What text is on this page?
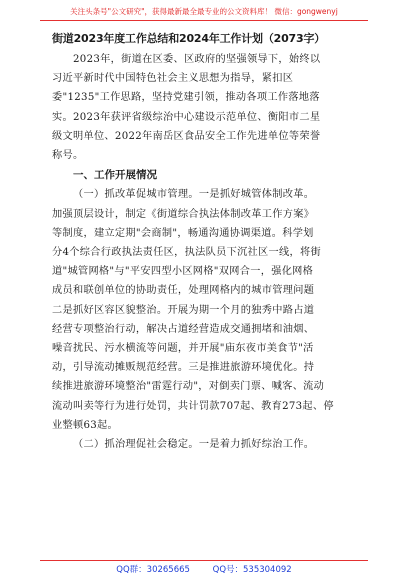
关注头条号"公文研究"，获得最新最全最专业的公文资料库！ 微信：gongwenyj
街道2023年度工作总结和2024年工作计划（2073字）

2023年，街道在区委、区政府的坚强领导下，始终以
习近平新时代中国特色社会主义思想为指导，紧扣区
委"1235"工作思路，坚持党建引领，推动各项工作落地落
实。2023年获评省级综治中心建设示范单位、衡阳市二星
级文明单位、2022年南岳区食品安全工作先进单位等荣誉
称号。

一、工作开展情况

（一）抓改革促城市管理。一是抓好城管体制改革。
加强顶层设计，制定《街道综合执法体制改革工作方案》
等制度，建立定期"会商制"，畅通沟通协调渠道。科学划
分4个综合行政执法责任区，执法队员下沉社区一线，将街
道"城管网格"与"平安四型小区网格"双网合一，强化网格
成员和联创单位的协助责任，处理网格内的城市管理问题
二是抓好区容区貌整治。开展为期一个月的独秀中路占道
经营专项整治行动，解决占道经营造成交通拥堵和油烟、
噪音扰民、污水横流等问题，并开展"庙东夜市美食节"活
动，引导流动摊贩规范经营。三是推进旅游环境优化。持
续推进旅游环境整治"雷霆行动"，对倒卖门票、喊客、流动
流动叫卖等行为进行处罚，共计罚款707起、教育273起、停
业整顿63起。
（二）抓治理促社会稳定。一是着力抓好综治工作。

QQ群：30265665	QQ号：535304092
